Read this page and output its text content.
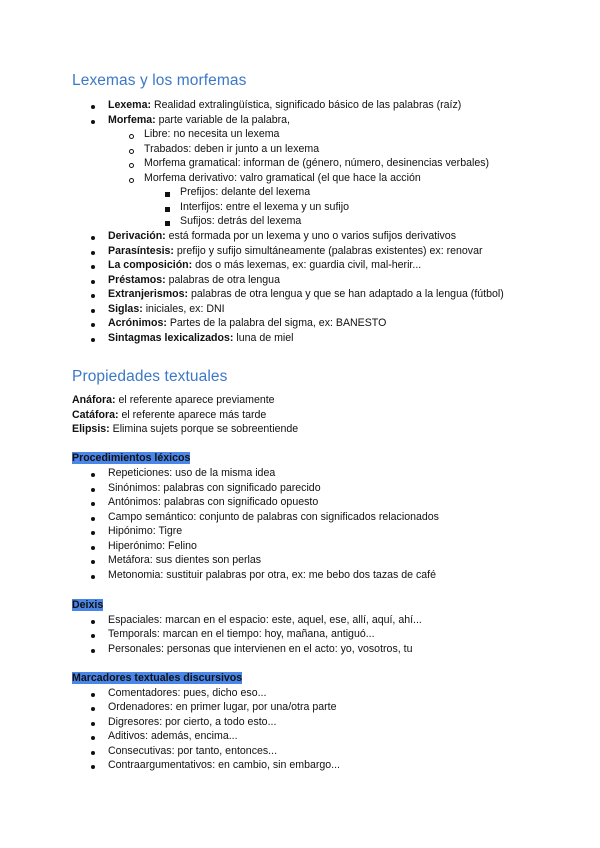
Lexemas y los morfemas
Lexema: Realidad extralingüística, significado básico de las palabras (raíz)
Morfema: parte variable de la palabra,
Libre: no necesita un lexema
Trabados: deben ir junto a un lexema
Morfema gramatical: informan de (género, número, desinencias verbales)
Morfema derivativo: valro gramatical (el que hace la acción
Prefijos: delante del lexema
Interfijos: entre el lexema y un sufijo
Sufijos: detrás del lexema
Derivación: está formada por un lexema y uno o varios sufijos derivativos
Parasíntesis: prefijo y sufijo simultáneamente (palabras existentes) ex: renovar
La composición: dos o más lexemas, ex: guardia civil, mal-herir...
Préstamos: palabras de otra lengua
Extranjerismos: palabras de otra lengua y que se han adaptado a la lengua (fútbol)
Siglas: iniciales, ex: DNI
Acrónimos: Partes de la palabra del sigma, ex: BANESTO
Sintagmas lexicalizados: luna de miel
Propiedades textuales
Anáfora: el referente aparece previamente
Catáfora: el referente aparece más tarde
Elipsis: Elimina sujets porque se sobreentiende
Procedimientos léxicos
Repeticiones: uso de la misma idea
Sinónimos: palabras con significado parecido
Antónimos: palabras con significado opuesto
Campo semántico: conjunto de palabras con significados relacionados
Hipónimo: Tigre
Hiperónimo: Felino
Metáfora: sus dientes son perlas
Metonomia: sustituir palabras por otra, ex: me bebo dos tazas de café
Deixis
Espaciales: marcan en el espacio: este, aquel, ese, allí, aquí, ahí...
Temporals: marcan en el tiempo: hoy, mañana, antiguó...
Personales: personas que intervienen en el acto: yo, vosotros, tu
Marcadores textuales discursivos
Comentadores: pues, dicho eso...
Ordenadores: en primer lugar, por una/otra parte
Digresores: por cierto, a todo esto...
Aditivos: además, encima...
Consecutivas: por tanto, entonces...
Contraargumentativos: en cambio, sin embargo...
